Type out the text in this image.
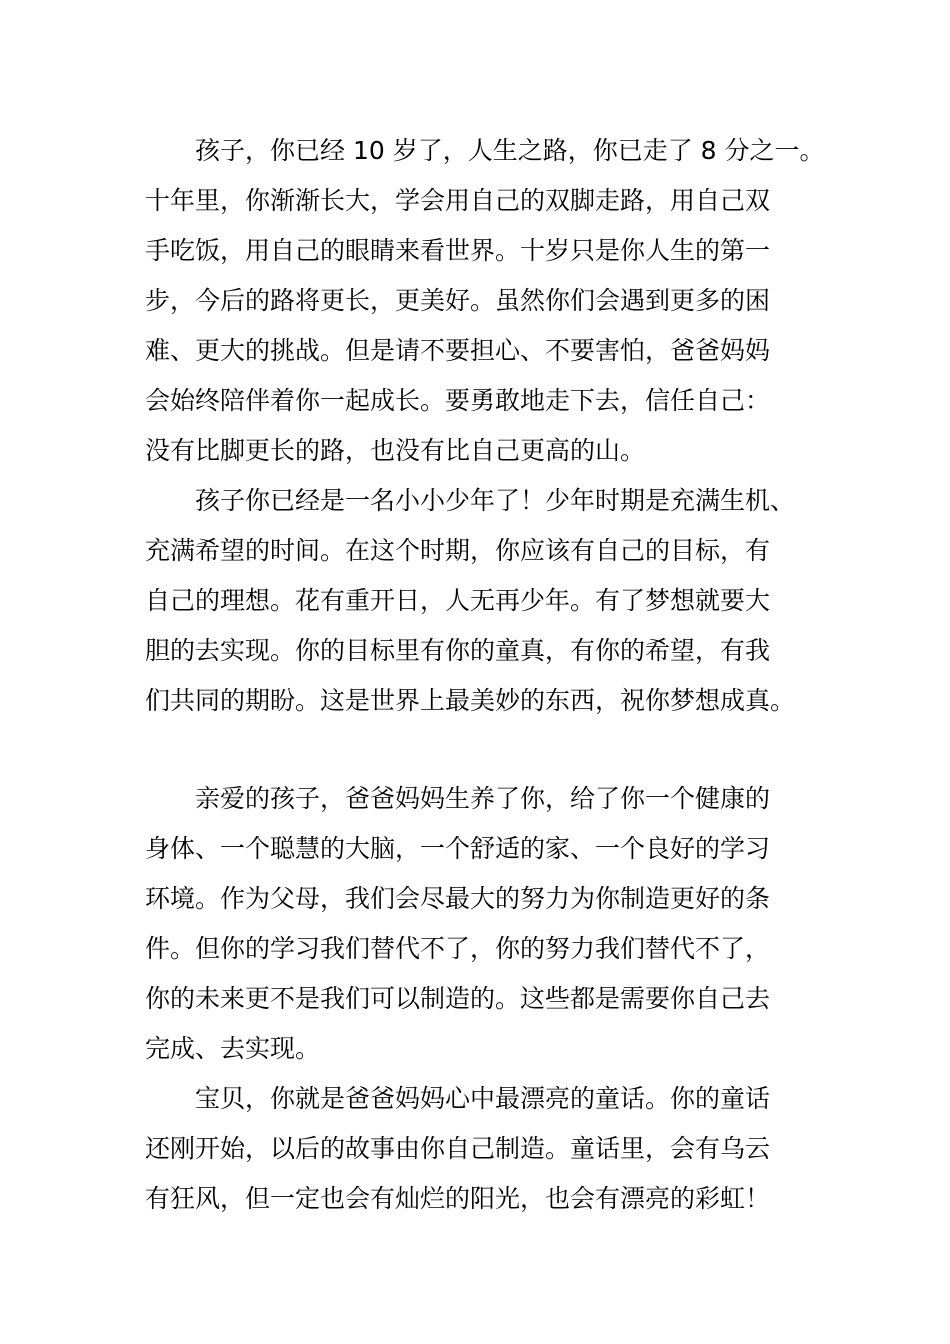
孩子，你已经 10 岁了，人生之路，你已走了 8 分之一。
十年里，你渐渐长大，学会用自己的双脚走路，用自己双
手吃饭，用自己的眼睛来看世界。十岁只是你人生的第一
步，今后的路将更长，更美好。虽然你们会遇到更多的困
难、更大的挑战。但是请不要担心、不要害怕，爸爸妈妈
会始终陪伴着你一起成长。要勇敢地走下去，信任自己：
没有比脚更长的路，也没有比自己更高的山。
孩子你已经是一名小小少年了！少年时期是充满生机、
充满希望的时间。在这个时期，你应该有自己的目标，有
自己的理想。花有重开日，人无再少年。有了梦想就要大
胆的去实现。你的目标里有你的童真，有你的希望，有我
们共同的期盼。这是世界上最美妙的东西，祝你梦想成真。
亲爱的孩子，爸爸妈妈生养了你，给了你一个健康的
身体、一个聪慧的大脑，一个舒适的家、一个良好的学习
环境。作为父母，我们会尽最大的努力为你制造更好的条
件。但你的学习我们替代不了，你的努力我们替代不了，
你的未来更不是我们可以制造的。这些都是需要你自己去
完成、去实现。
宝贝，你就是爸爸妈妈心中最漂亮的童话。你的童话
还刚开始，以后的故事由你自己制造。童话里，会有乌云
有狂风，但一定也会有灿烂的阳光，也会有漂亮的彩虹！
